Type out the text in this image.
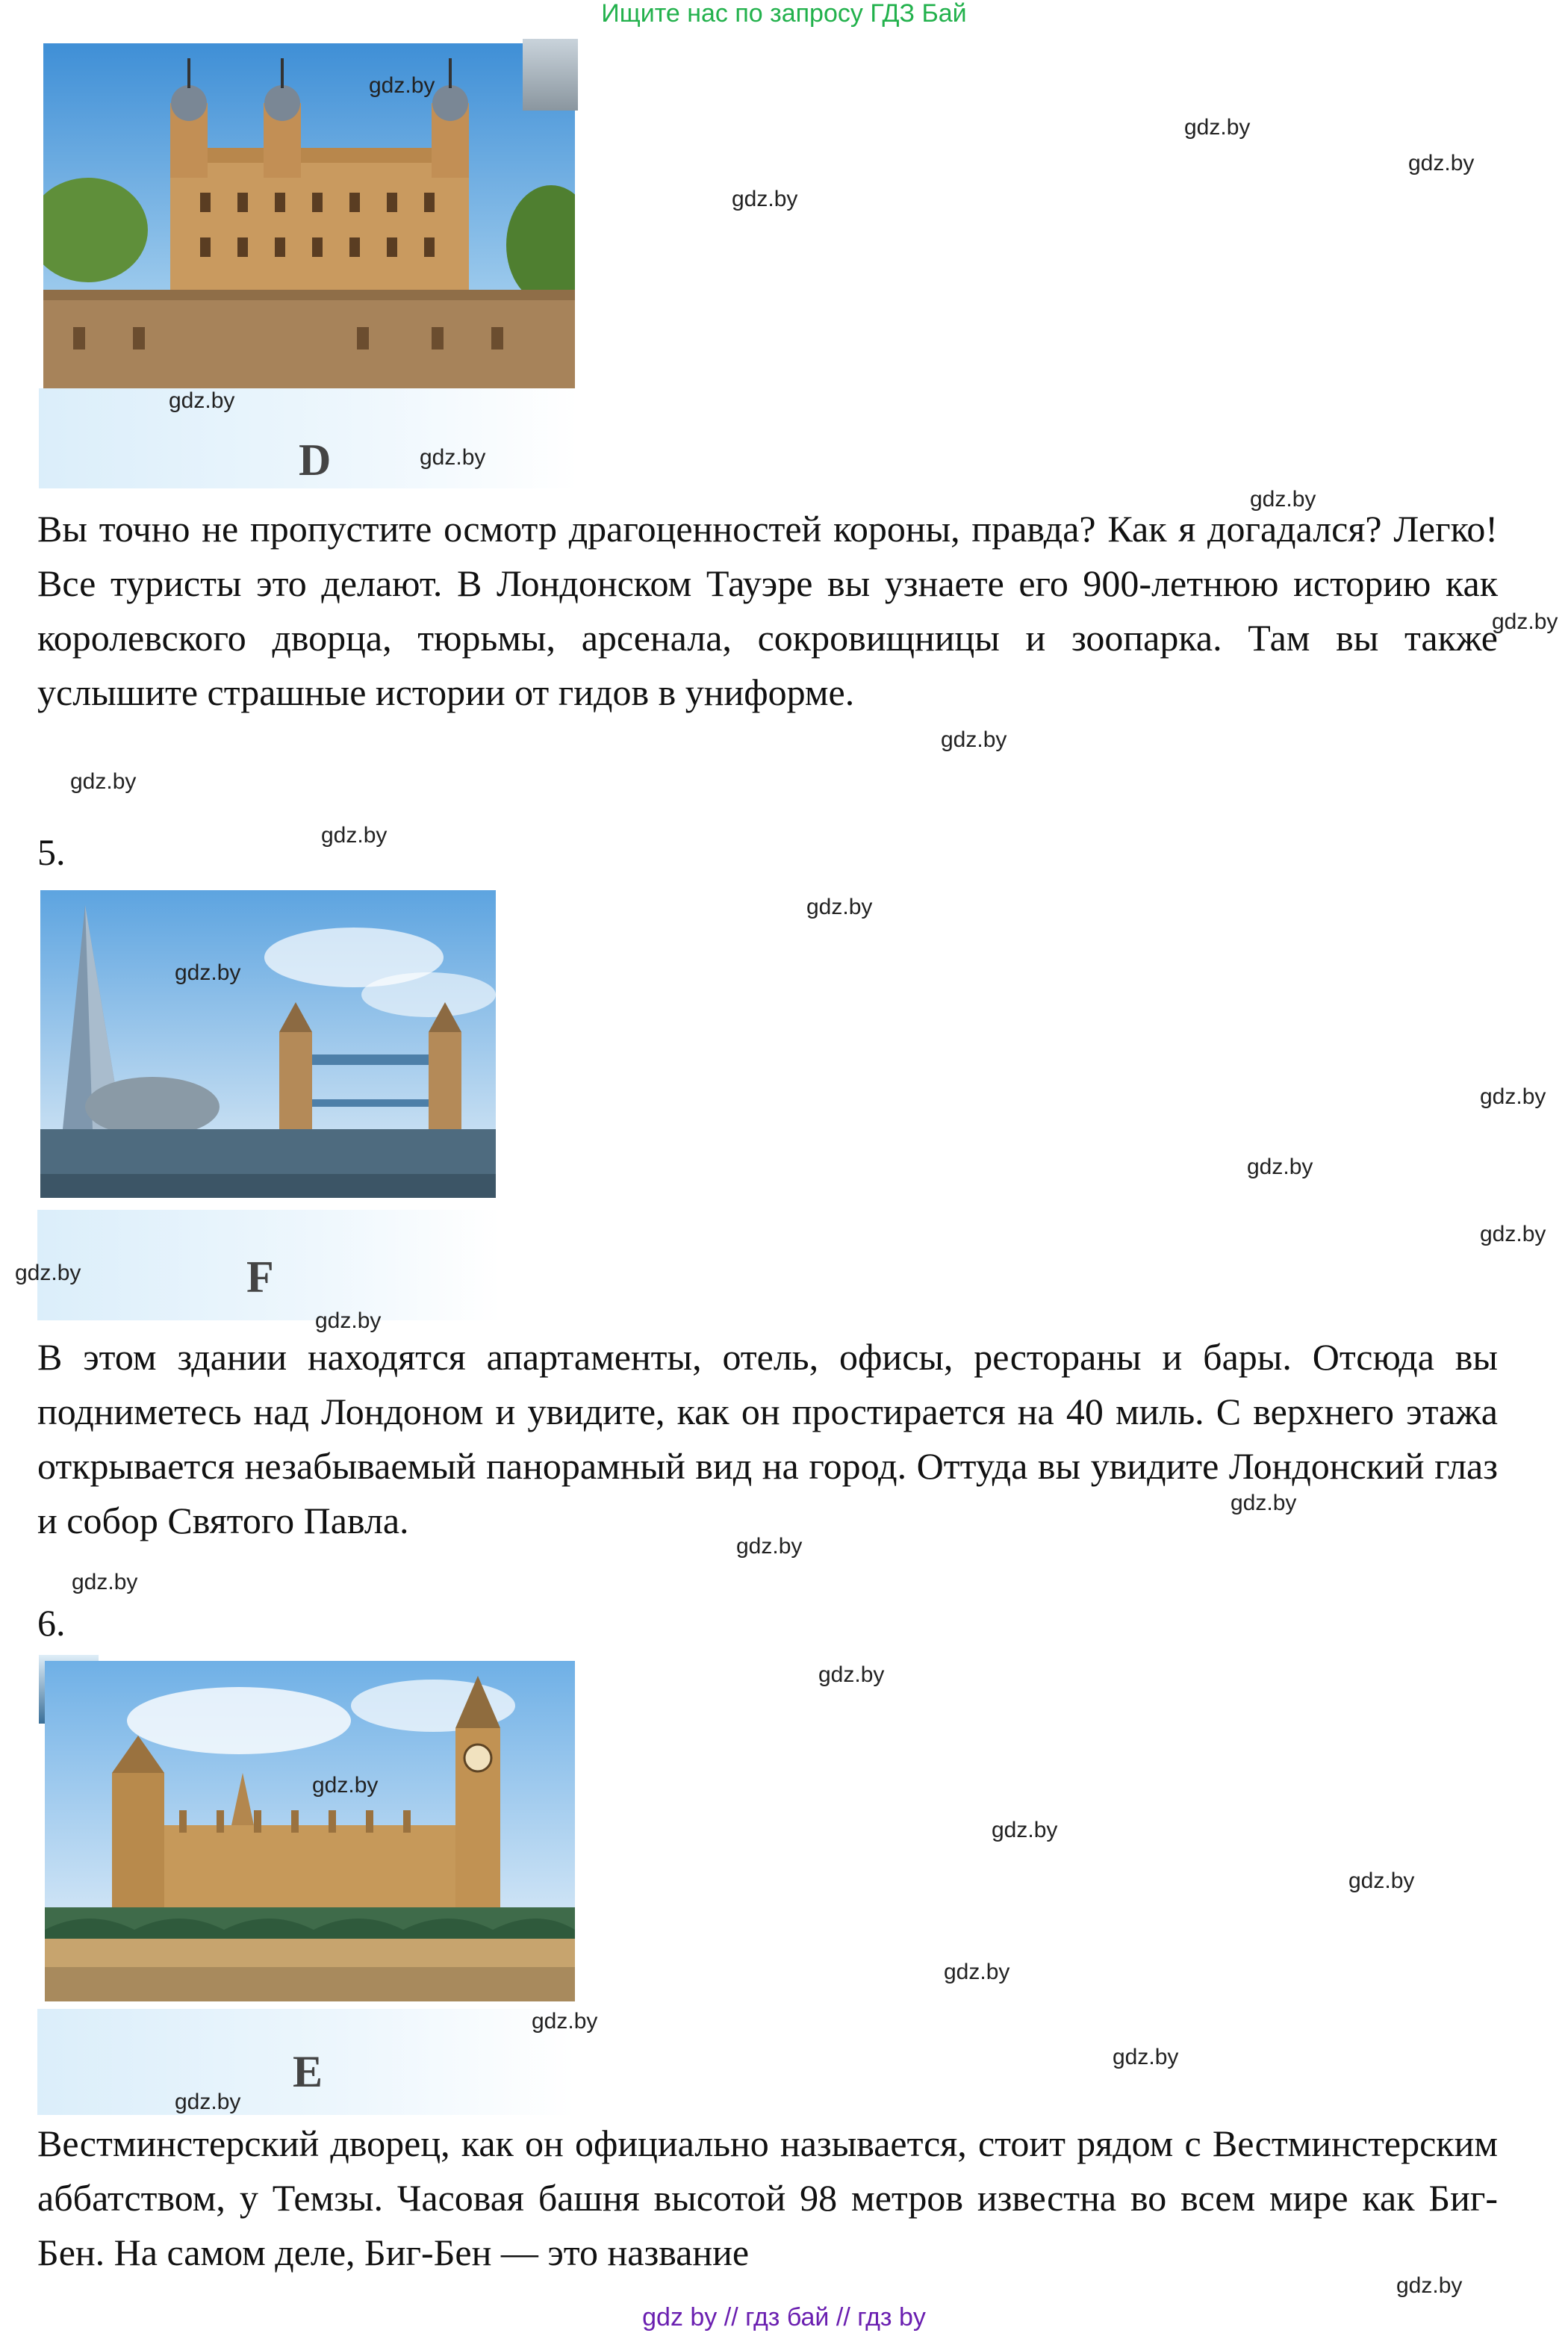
Ищите нас по запросу ГДЗ Бай
D

Вы точно не пропустите осмотр драгоценностей короны, правда? Как я догадался? Легко! Все туристы это делают. В Лондонском Тауэре вы узнаете его 900-летнюю историю как королевского дворца, тюрьмы, арсенала, сокровищницы и зоопарка. Там вы также услышите страшные истории от гидов в униформе.

5.
F

В этом здании находятся апартаменты, отель, офисы, рестораны и бары. Отсюда вы подниметесь над Лондоном и увидите, как он простирается на 40 миль. С верхнего этажа открывается незабываемый панорамный вид на город. Оттуда вы увидите Лондонский глаз и собор Святого Павла.

6.
E

Вестминстерский дворец, как он официально называется, стоит рядом с Вестминстерским аббатством, у Темзы. Часовая башня высотой 98 метров известна во всем мире как Биг-Бен. На самом деле, Биг-Бен — это название

gdz.by
gdz.by
gdz.by
gdz.by
gdz.by
gdz.by
gdz.by
gdz.by
gdz.by
gdz.by
gdz.by
gdz.by
gdz.by
gdz.by
gdz.by
gdz.by
gdz.by
gdz.by
gdz.by
gdz.by
gdz.by
gdz.by
gdz.by
gdz.by
gdz.by
gdz.by
gdz.by
gdz.by
gdz.by
gdz.by
gdz by // гдз бай // гдз by
